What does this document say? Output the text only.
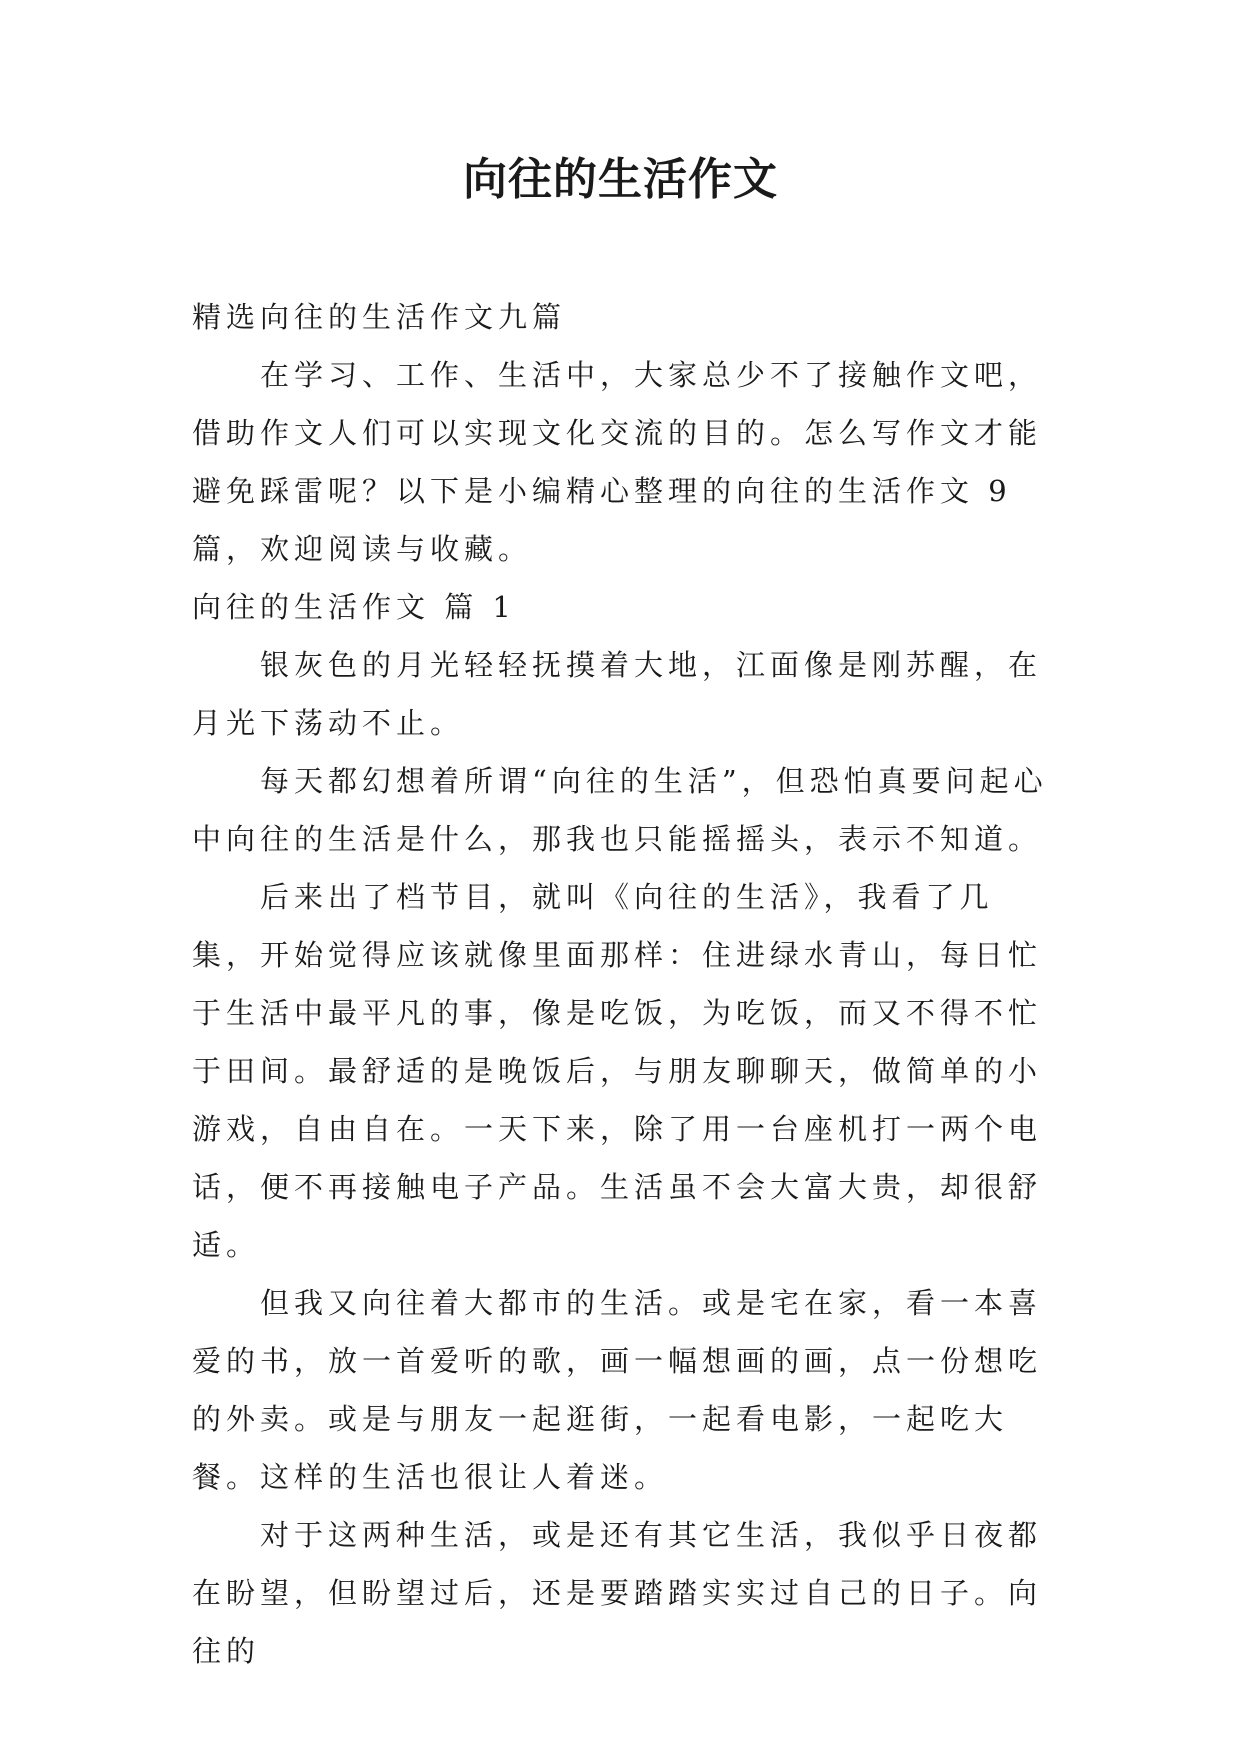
向往的生活作文

精选向往的生活作文九篇

在学习、工作、生活中，大家总少不了接触作文吧，借助作文人们可以实现文化交流的目的。怎么写作文才能避免踩雷呢？以下是小编精心整理的向往的生活作文 9 篇，欢迎阅读与收藏。

向往的生活作文 篇 1

银灰色的月光轻轻抚摸着大地，江面像是刚苏醒，在月光下荡动不止。

每天都幻想着所谓“向往的生活”，但恐怕真要问起心中向往的生活是什么，那我也只能摇摇头，表示不知道。

后来出了档节目，就叫《向往的生活》，我看了几集，开始觉得应该就像里面那样：住进绿水青山，每日忙于生活中最平凡的事，像是吃饭，为吃饭，而又不得不忙于田间。最舒适的是晚饭后，与朋友聊聊天，做简单的小游戏，自由自在。一天下来，除了用一台座机打一两个电话，便不再接触电子产品。生活虽不会大富大贵，却很舒适。

但我又向往着大都市的生活。或是宅在家，看一本喜爱的书，放一首爱听的歌，画一幅想画的画，点一份想吃的外卖。或是与朋友一起逛街，一起看电影，一起吃大餐。这样的生活也很让人着迷。

对于这两种生活，或是还有其它生活，我似乎日夜都在盼望，但盼望过后，还是要踏踏实实过自己的日子。向往的
